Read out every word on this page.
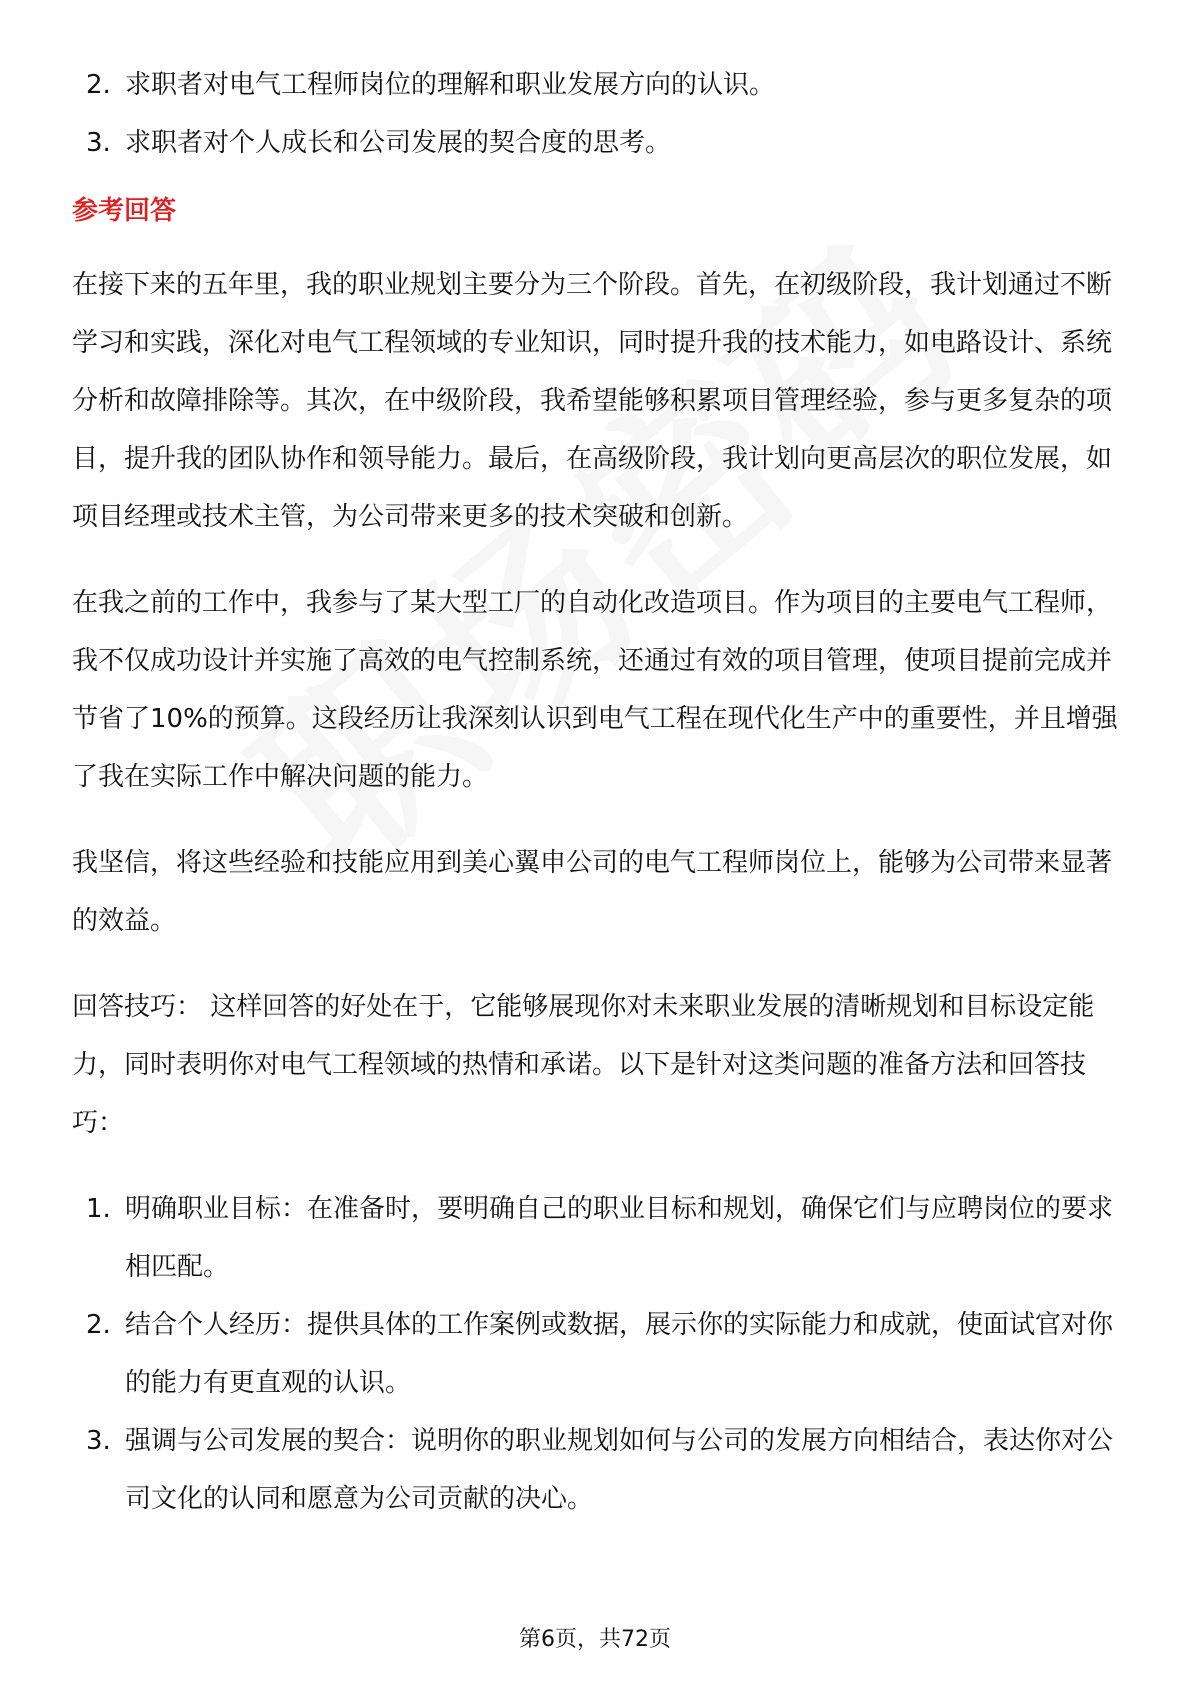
2. 求职者对电气工程师岗位的理解和职业发展方向的认识。
3. 求职者对个人成长和公司发展的契合度的思考。
参考回答

在接下来的五年里，我的职业规划主要分为三个阶段。首先，在初级阶段，我计划通过不断学习和实践，深化对电气工程领域的专业知识，同时提升我的技术能力，如电路设计、系统分析和故障排除等。其次，在中级阶段，我希望能够积累项目管理经验，参与更多复杂的项目，提升我的团队协作和领导能力。最后，在高级阶段，我计划向更高层次的职位发展，如项目经理或技术主管，为公司带来更多的技术突破和创新。

在我之前的工作中，我参与了某大型工厂的自动化改造项目。作为项目的主要电气工程师，我不仅成功设计并实施了高效的电气控制系统，还通过有效的项目管理，使项目提前完成并节省了10%的预算。这段经历让我深刻认识到电气工程在现代化生产中的重要性，并且增强了我在实际工作中解决问题的能力。

我坚信，将这些经验和技能应用到美心翼申公司的电气工程师岗位上，能够为公司带来显著的效益。

回答技巧： 这样回答的好处在于，它能够展现你对未来职业发展的清晰规划和目标设定能力，同时表明你对电气工程领域的热情和承诺。以下是针对这类问题的准备方法和回答技巧：

1. 明确职业目标：在准备时，要明确自己的职业目标和规划，确保它们与应聘岗位的要求相匹配。
2. 结合个人经历：提供具体的工作案例或数据，展示你的实际能力和成就，使面试官对你的能力有更直观的认识。
3. 强调与公司发展的契合：说明你的职业规划如何与公司的发展方向相结合，表达你对公司文化的认同和愿意为公司贡献的决心。
第6页，共72页
